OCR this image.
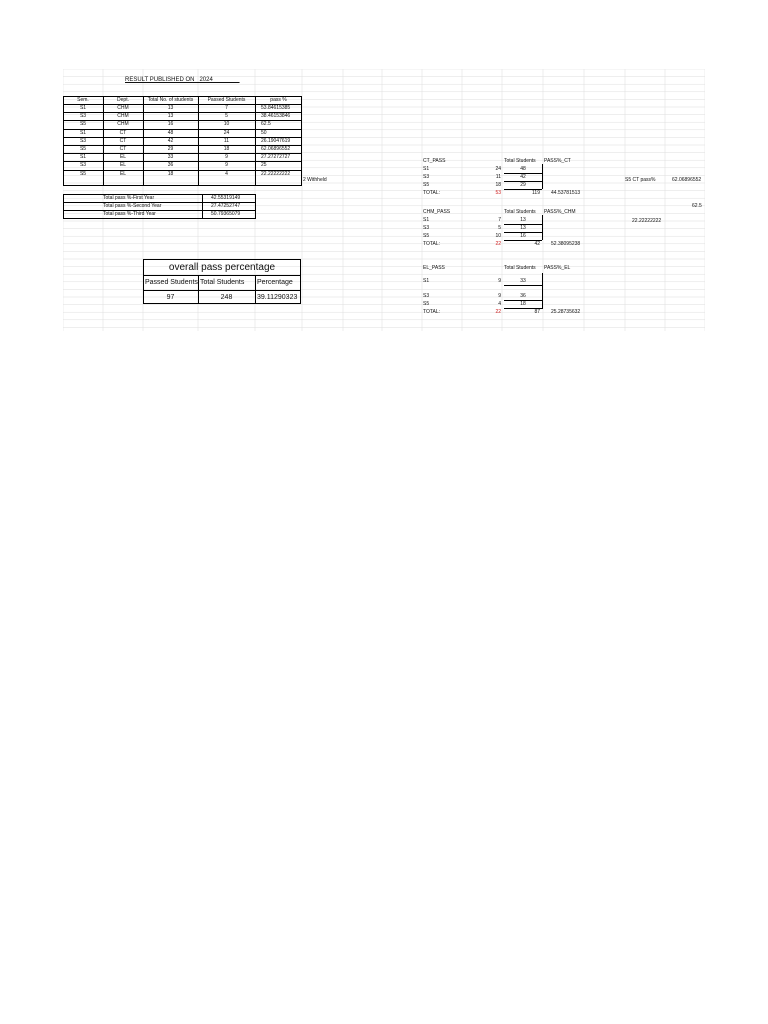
RESULT PUBLISHED ON _2024________
Sem.	Dept.	Total No. of students	Passed Students	pass %
S1	CHM	13	7	53.84615385
S3	CHM	13	5	38.46153846
S5	CHM	16	10	62.5
S1	CT	48	24	50
S3	CT	42	11	26.19047619
S5	CT	29	18	62.06896552
S1	EL	33	9	27.27272727
S3	EL	36	9	25
S5	EL	18	4	22.22222222
2 Withheld
Total pass %-First Year	42.55319149
Total pass %-Second Year	27.47252747
Total pass %-Third Year	50.79365079
overall pass percentage
Passed Students Total Students Percentage
97	248	39.11290323
CT_PASS	Total Students PASS%_CT
S1	24	48
S3	11	42
S5	18	29
TOTAL:	53	119 44.53781513
CHM_PASS	Total Students PASS%_CHM
S1	7	13
S3	5	13
S5	10	16
TOTAL:	22	42 52.38095238
EL_PASS	Total Students PASS%_EL
S1	9	33
S3	9	36
S5	4	18
TOTAL:	22	87 25.28735632
S5 CT pass%	62.06896552
62.5
22.22222222
